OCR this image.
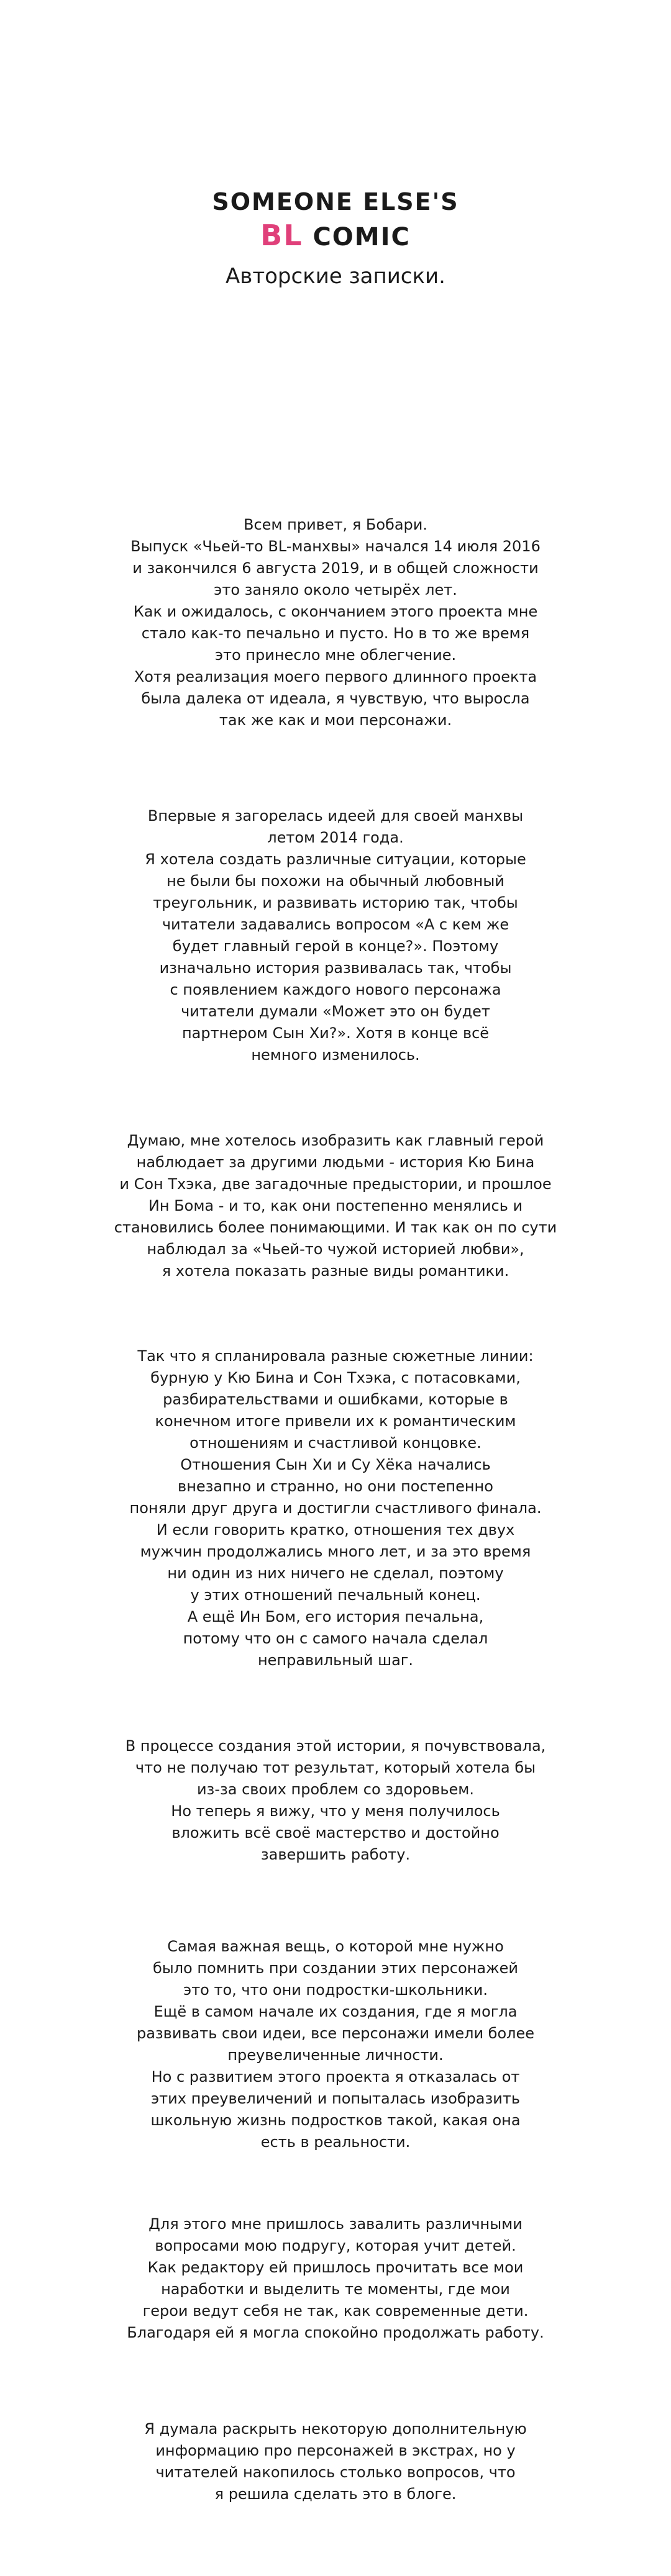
SOMEONE ELSE'S
BL COMIC
Авторские записки.
Всем привет, я Бобари.
Выпуск «Чьей-то BL-манхвы» начался 14 июля 2016
и закончился 6 августа 2019, и в общей сложности
это заняло около четырёх лет.
Как и ожидалось, с окончанием этого проекта мне
стало как-то печально и пусто. Но в то же время
это принесло мне облегчение.
Хотя реализация моего первого длинного проекта
была далека от идеала, я чувствую, что выросла
так же как и мои персонажи.
Впервые я загорелась идеей для своей манхвы
летом 2014 года.
Я хотела создать различные ситуации, которые
не были бы похожи на обычный любовный
треугольник, и развивать историю так, чтобы
читатели задавались вопросом «А с кем же
будет главный герой в конце?». Поэтому
изначально история развивалась так, чтобы
с появлением каждого нового персонажа
читатели думали «Может это он будет
партнером Сын Хи?». Хотя в конце всё
немного изменилось.
Думаю, мне хотелось изобразить как главный герой
наблюдает за другими людьми - история Кю Бина
и Сон Тхэка, две загадочные предыстории, и прошлое
Ин Бома - и то, как они постепенно менялись и
становились более понимающими. И так как он по сути
наблюдал за «Чьей-то чужой историей любви»,
я хотела показать разные виды романтики.
Так что я спланировала разные сюжетные линии:
бурную у Кю Бина и Сон Тхэка, с потасовками,
разбирательствами и ошибками, которые в
конечном итоге привели их к романтическим
отношениям и счастливой концовке.
Отношения Сын Хи и Су Хёка начались
внезапно и странно, но они постепенно
поняли друг друга и достигли счастливого финала.
И если говорить кратко, отношения тех двух
мужчин продолжались много лет, и за это время
ни один из них ничего не сделал, поэтому
у этих отношений печальный конец.
А ещё Ин Бом, его история печальна,
потому что он с самого начала сделал
неправильный шаг.
В процессе создания этой истории, я почувствовала,
что не получаю тот результат, который хотела бы
из-за своих проблем со здоровьем.
Но теперь я вижу, что у меня получилось
вложить всё своё мастерство и достойно
завершить работу.
Самая важная вещь, о которой мне нужно
было помнить при создании этих персонажей
это то, что они подростки-школьники.
Ещё в самом начале их создания, где я могла
развивать свои идеи, все персонажи имели более
преувеличенные личности.
Но с развитием этого проекта я отказалась от
этих преувеличений и попыталась изобразить
школьную жизнь подростков такой, какая она
есть в реальности.
Для этого мне пришлось завалить различными
вопросами мою подругу, которая учит детей.
Как редактору ей пришлось прочитать все мои
наработки и выделить те моменты, где мои
герои ведут себя не так, как современные дети.
Благодаря ей я могла спокойно продолжать работу.
Я думала раскрыть некоторую дополнительную
информацию про персонажей в экстрах, но у
читателей накопилось столько вопросов, что
я решила сделать это в блоге.
